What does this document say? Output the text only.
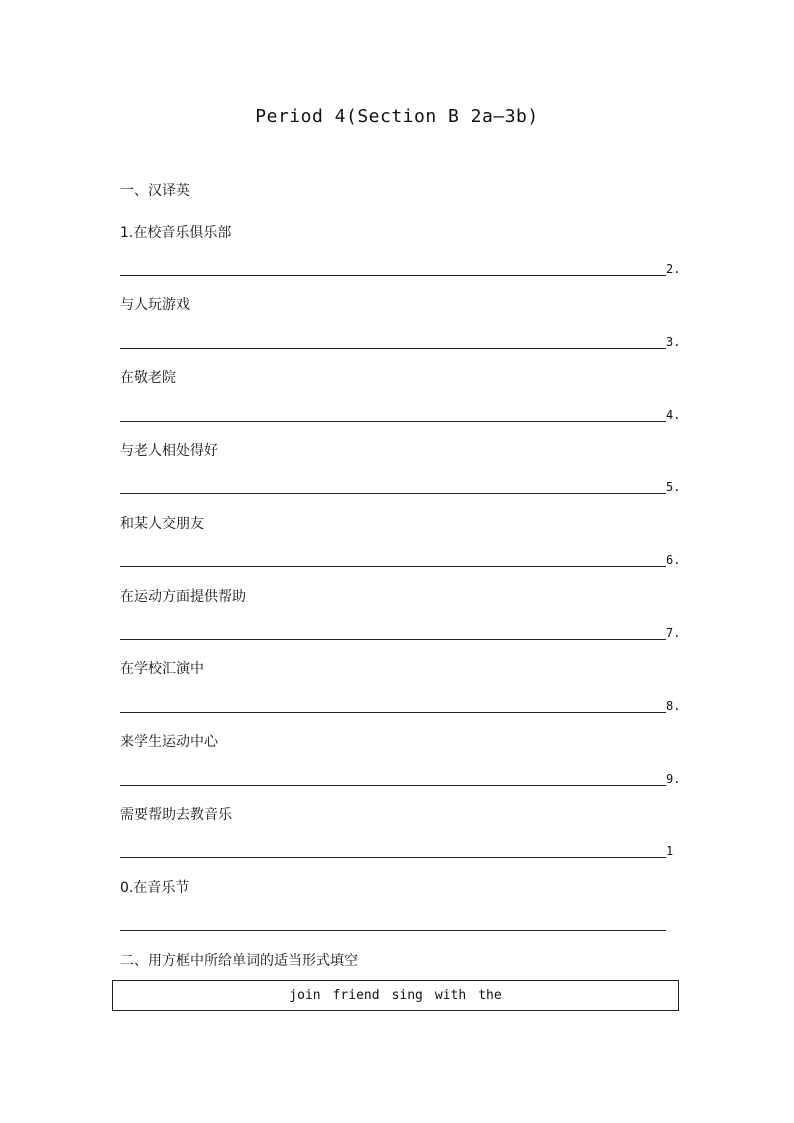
Period 4(Section B 2a—3b)
一、汉译英
1.在校音乐俱乐部
2.
与人玩游戏
3.
在敬老院
4.
与老人相处得好
5.
和某人交朋友
6.
在运动方面提供帮助
7.
在学校汇演中
8.
来学生运动中心
9.
需要帮助去教音乐
1
0.在音乐节
二、用方框中所给单词的适当形式填空
join friend sing with the
